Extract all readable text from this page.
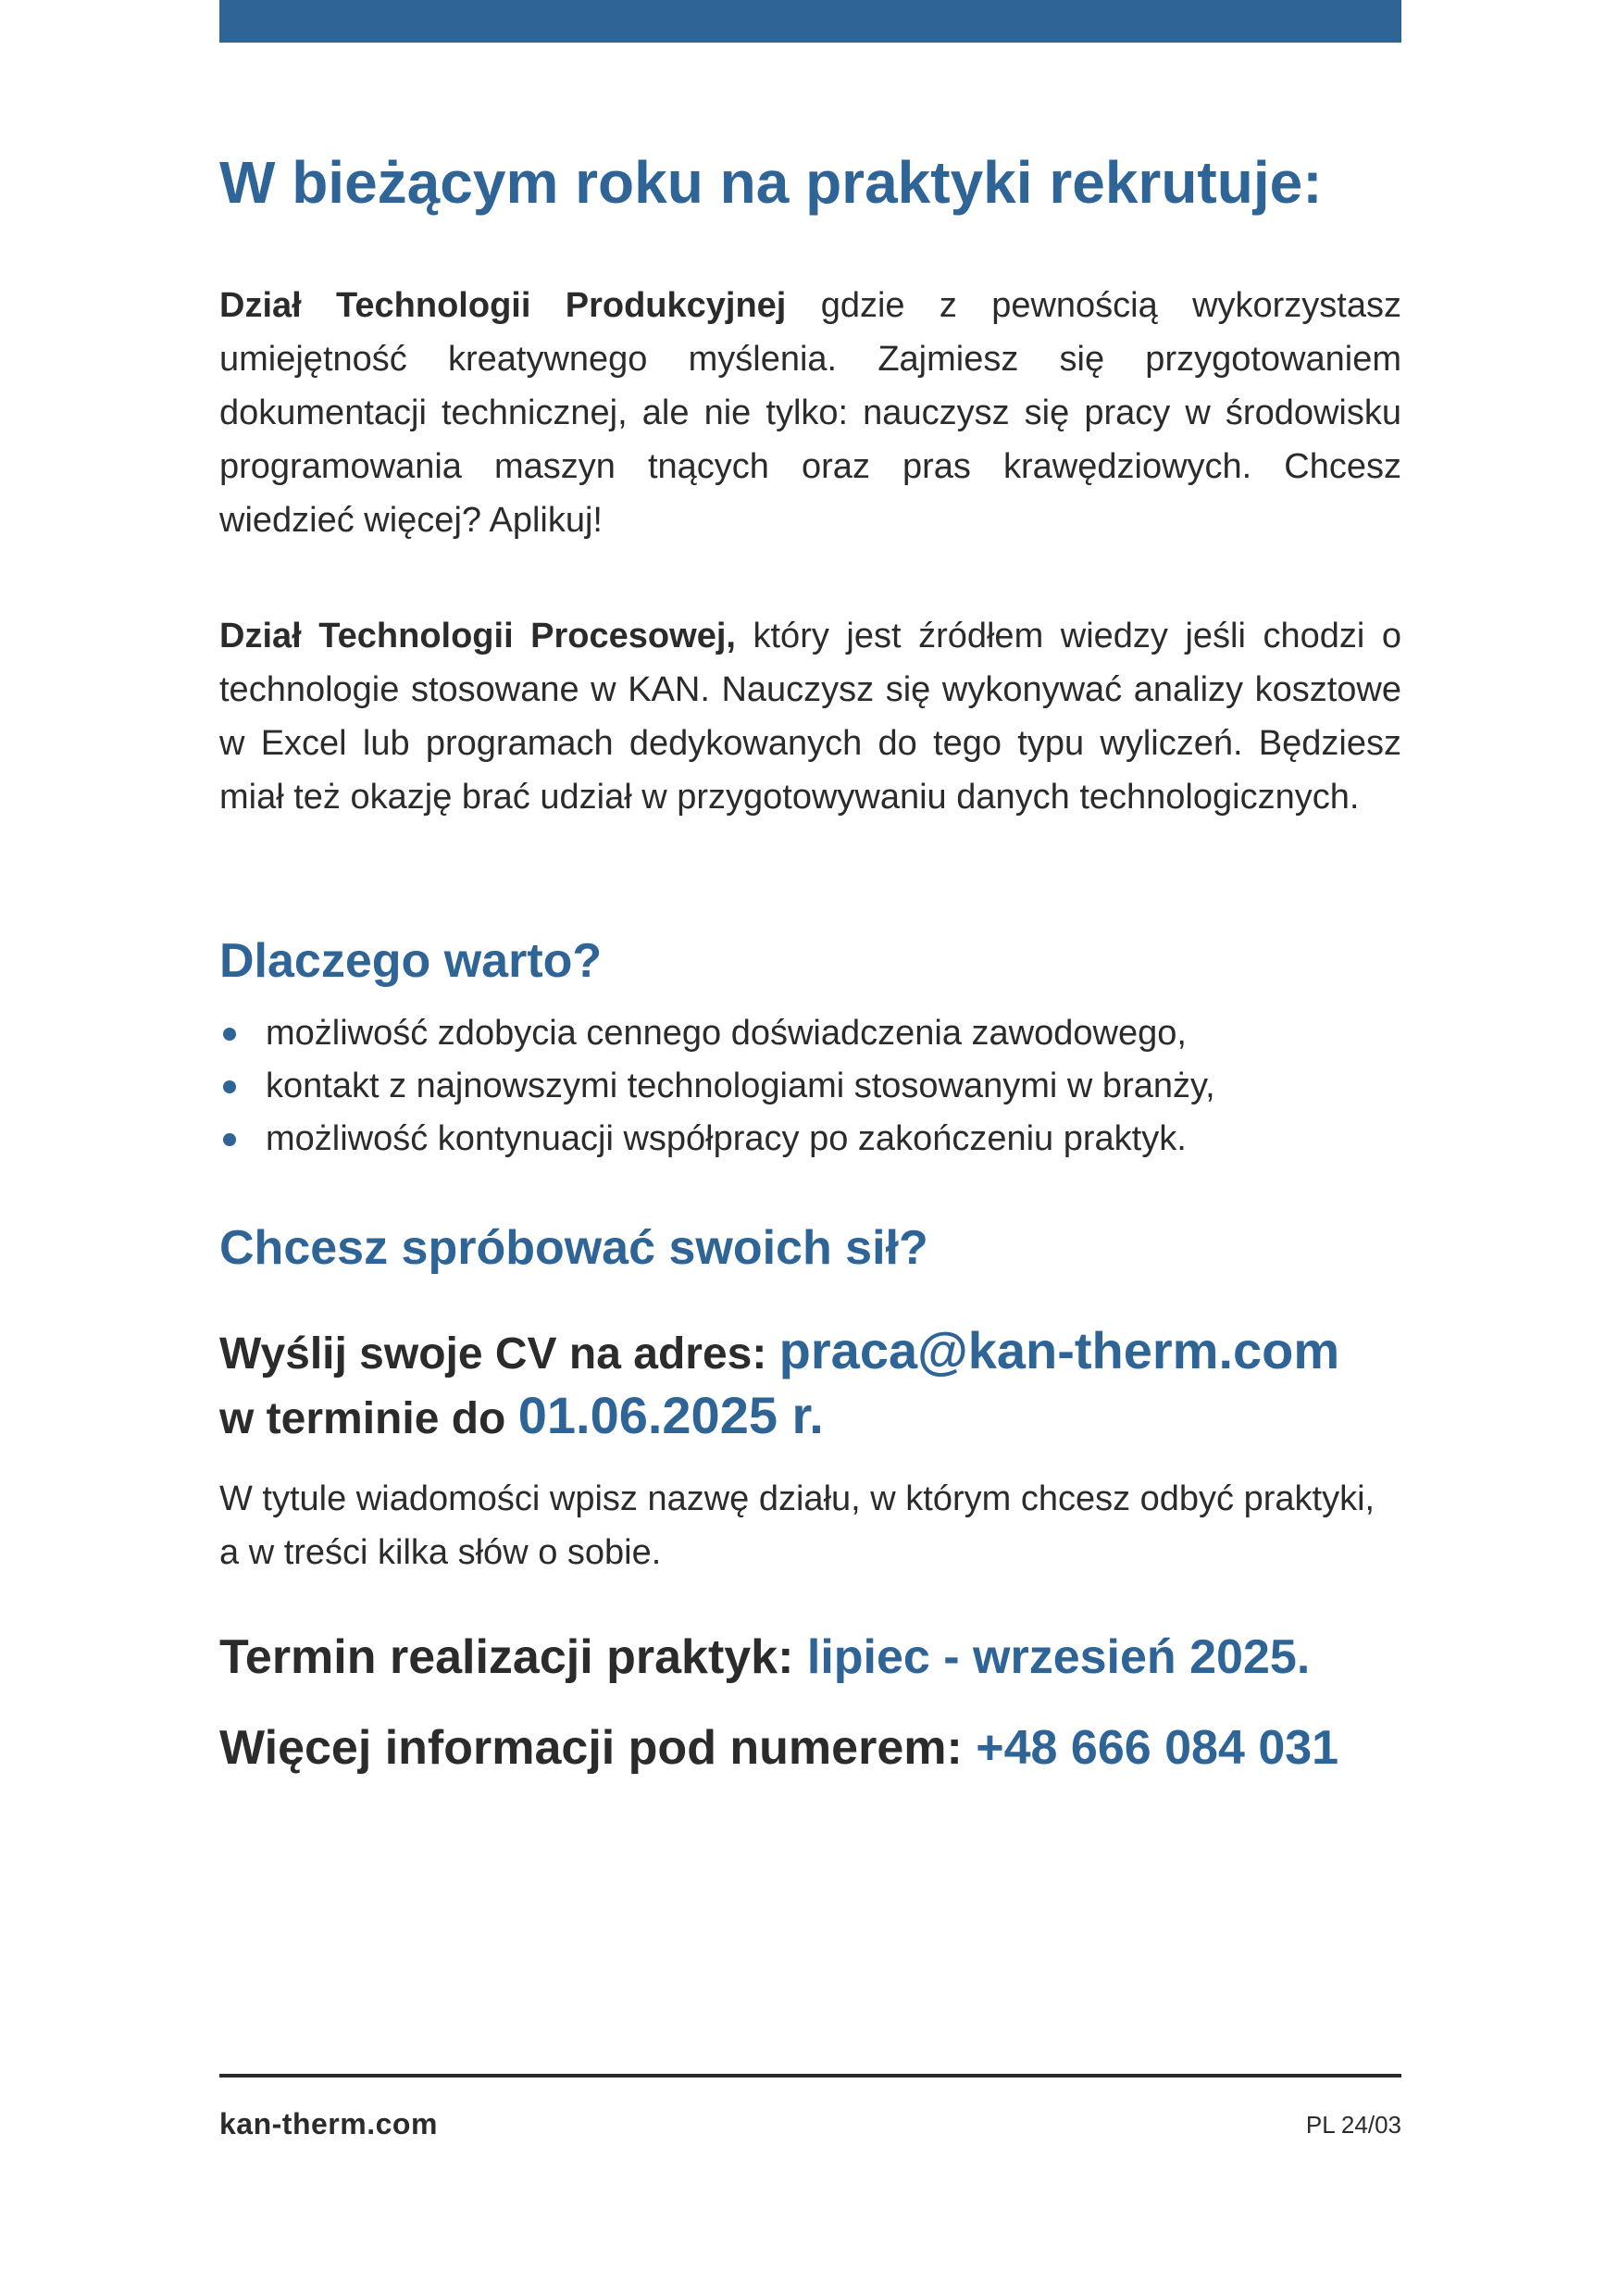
W bieżącym roku na praktyki rekrutuje:

Dział Technologii Produkcyjnej gdzie z pewnością wykorzystasz umiejętność kreatywnego myślenia. Zajmiesz się przygotowaniem dokumentacji technicznej, ale nie tylko: nauczysz się pracy w środowisku programowania maszyn tnących oraz pras krawędziowych. Chcesz wiedzieć więcej? Aplikuj!

Dział Technologii Procesowej, który jest źródłem wiedzy jeśli chodzi o technologie stosowane w KAN. Nauczysz się wykonywać analizy kosztowe w Excel lub programach dedykowanych do tego typu wyliczeń. Będziesz miał też okazję brać udział w przygotowywaniu danych technologicznych.

Dlaczego warto?
możliwość zdobycia cennego doświadczenia zawodowego,
kontakt z najnowszymi technologiami stosowanymi w branży,
możliwość kontynuacji współpracy po zakończeniu praktyk.
Chcesz spróbować swoich sił?

Wyślij swoje CV na adres: praca@kan-therm.com

w terminie do 01.06.2025 r.

W tytule wiadomości wpisz nazwę działu, w którym chcesz odbyć praktyki, a w treści kilka słów o sobie.

Termin realizacji praktyk: lipiec - wrzesień 2025.

Więcej informacji pod numerem: +48 666 084 031

kan-therm.com	PL 24/03
